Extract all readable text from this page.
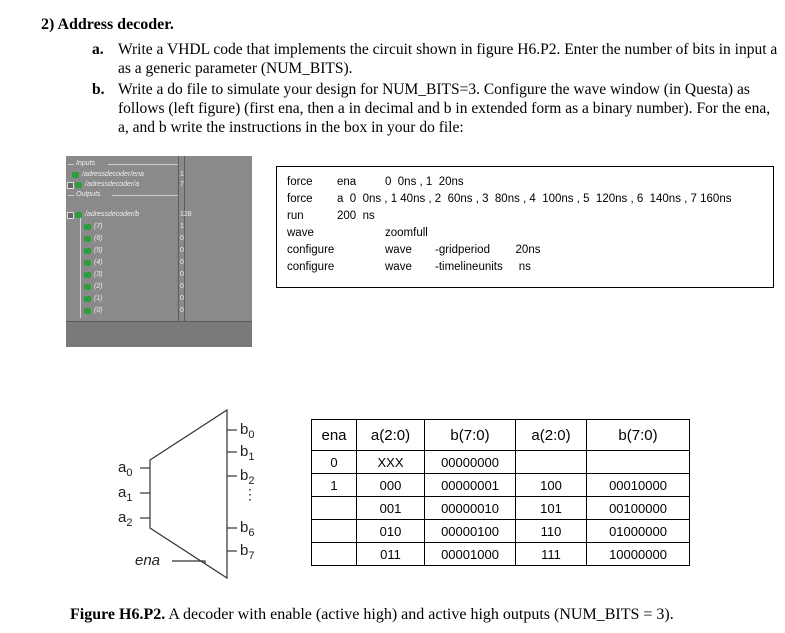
2) Address decoder.
a. Write a VHDL code that implements the circuit shown in figure H6.P2. Enter the number of bits in input a as a generic parameter (NUM_BITS).
b. Write a do file to simulate your design for NUM_BITS=3. Configure the wave window (in Questa) as follows (left figure) (first ena, then a in decimal and b in extended form as a binary number). For the ena, a, and b write the instructions in the box in your do file:
Inputs
/adressdecoder/ena	1
/adressdecoder/a	7
Outputs
/adressdecoder/b	128
(7)	1
(6)	0
(5)	0
(4)	0
(3)	0
(2)	0
(1)	0
(0)	0
force ena	0  0ns , 1  20ns
force a  0  0ns , 1 40ns , 2  60ns , 3  80ns , 4  100ns , 5  120ns , 6  140ns , 7 160ns
run	200  ns
wave	zoomfull
configure	wave -gridperiod        20ns
configure	wave -timelineunits     ns
$a_0$
$a_1$
$a_2$
$b_0$
$b_1$
$b_2$
⋮
$b_6$
$b_7$
ena
ena	a(2:0)	b(7:0)	a(2:0)	b(7:0)
0	XXX	00000000		
1	000	00000001	100	00010000
	001	00000010	101	00100000
	010	00000100	110	01000000
	011	00001000	111	10000000
Figure H6.P2. A decoder with enable (active high) and active high outputs (NUM_BITS = 3).
